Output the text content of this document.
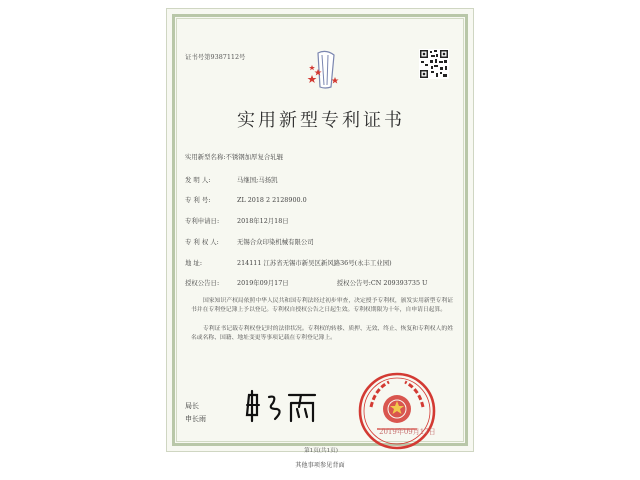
证书号第9387112号
实用新型专利证书
实用新型名称:不锈钢加厚复合轧辊
发 明 人:	马继国;马扬凯
专 利 号:	ZL 2018 2 2128900.0
专利申请日:	2018年12月18日
专 利 权 人:	无锡合众印染机械有限公司
地 址:	214111 江苏省无锡市新吴区新风路36号(永丰工业园)
授权公告日:	2019年09月17日	授权公告号:CN 209393735 U
国家知识产权局依照中华人民共和国专利法经过初步审查，决定授予专利权，颁发实用新型专利证书并在专利登记簿上予以登记。专利权自授权公告之日起生效。专利权期限为十年，自申请日起算。
专利证书记载专利权登记时的法律状况。专利权的转移、质押、无效、终止、恢复和专利权人的姓名或名称、国籍、地址变更等事项记载在专利登记簿上。
局长
申长雨
2019年09月17日
第1页(共1页)
其他事项参见背面
